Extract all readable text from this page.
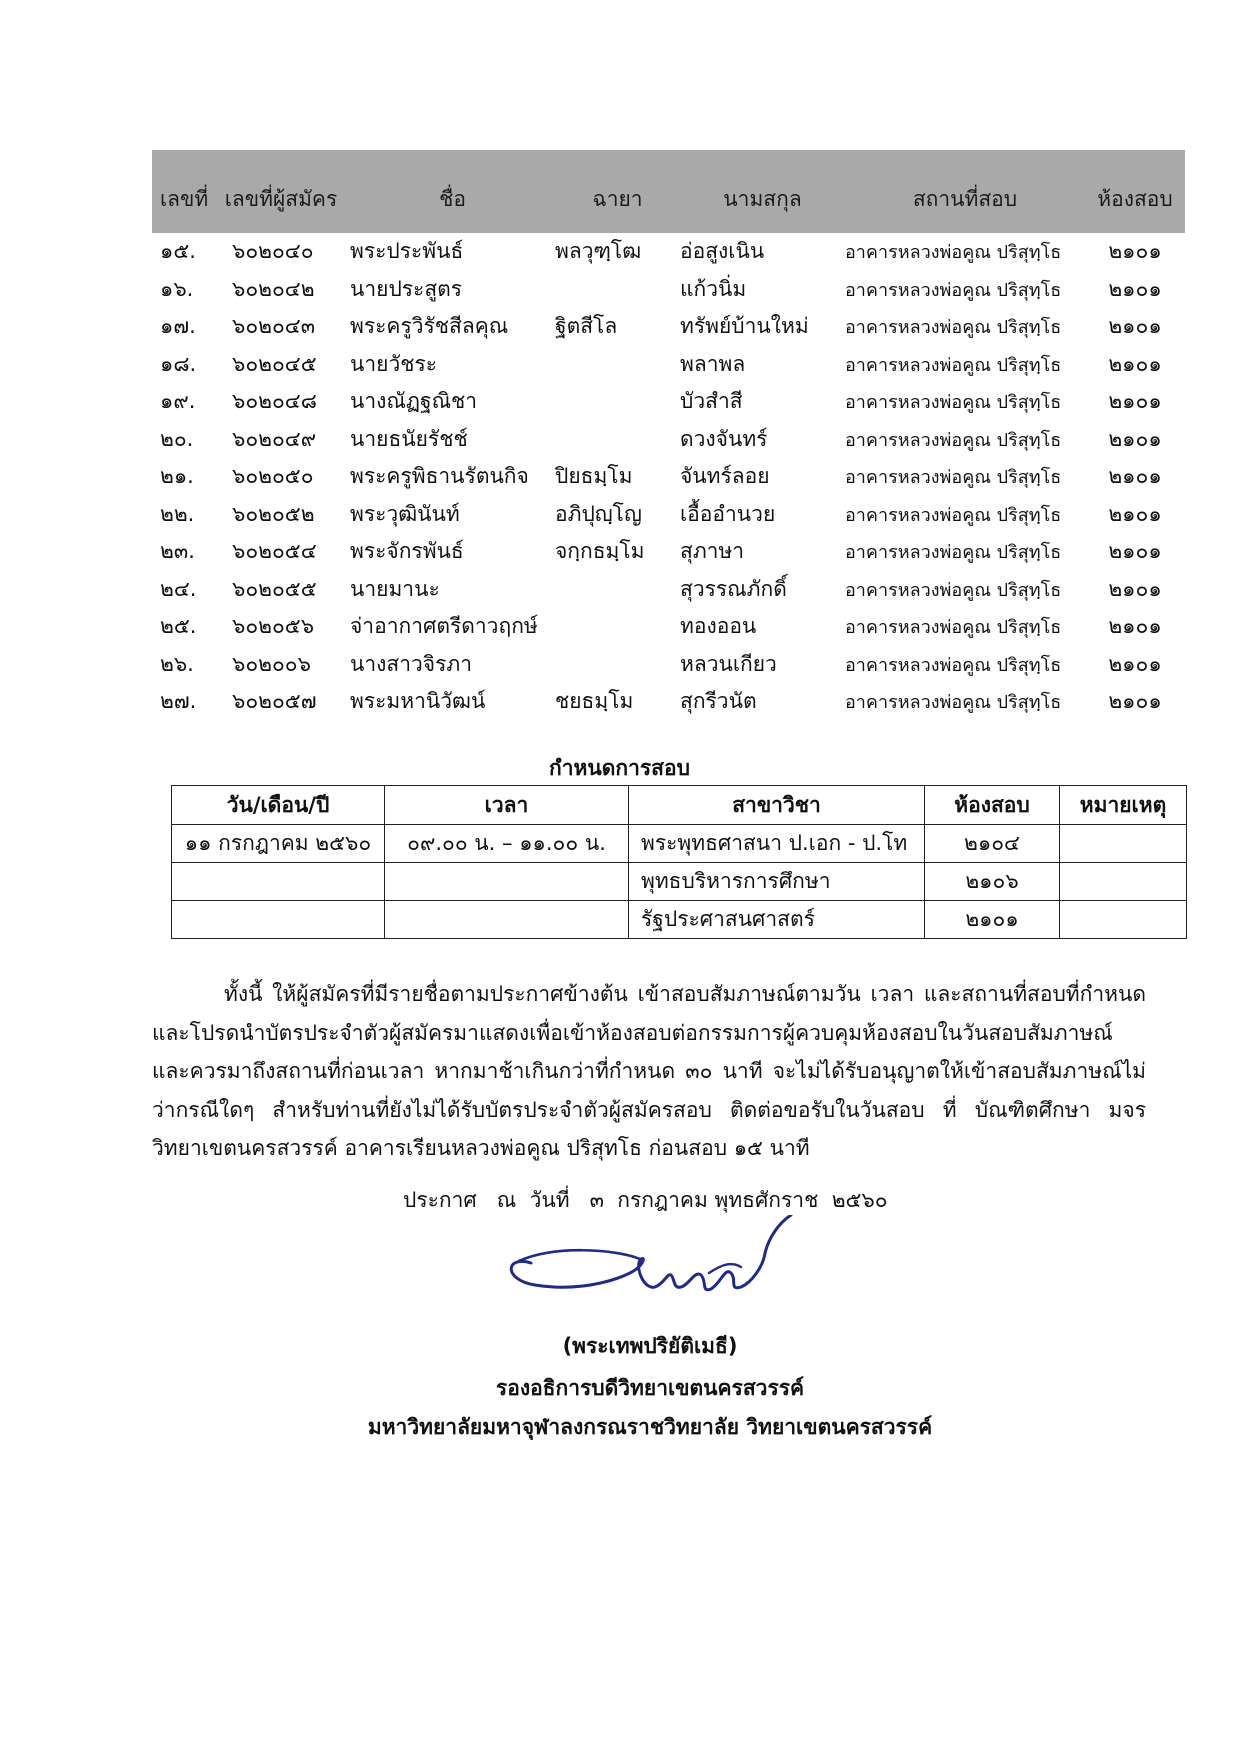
เลขที่	เลขที่ผู้สมัคร	ชื่อ	ฉายา	นามสกุล	สถานที่สอบ	ห้องสอบ
๑๕.	๖๐๒๐๔๐	พระประพันธ์	พลวุฑฺโฒ	อ่อสูงเนิน	อาคารหลวงพ่อคูณ ปริสุทฺโธ	๒๑๐๑
๑๖.	๖๐๒๐๔๒	นายประสูตร		แก้วนิ่ม	อาคารหลวงพ่อคูณ ปริสุทฺโธ	๒๑๐๑
๑๗.	๖๐๒๐๔๓	พระครูวิรัชสีลคุณ	ฐิตสีโล	ทรัพย์บ้านใหม่	อาคารหลวงพ่อคูณ ปริสุทฺโธ	๒๑๐๑
๑๘.	๖๐๒๐๔๕	นายวัชระ		พลาพล	อาคารหลวงพ่อคูณ ปริสุทฺโธ	๒๑๐๑
๑๙.	๖๐๒๐๔๘	นางณัฏฐณิชา		บัวสำสี	อาคารหลวงพ่อคูณ ปริสุทฺโธ	๒๑๐๑
๒๐.	๖๐๒๐๔๙	นายธนัยรัชช์		ดวงจันทร์	อาคารหลวงพ่อคูณ ปริสุทฺโธ	๒๑๐๑
๒๑.	๖๐๒๐๕๐	พระครูพิธานรัตนกิจ	ปิยธมฺโม	จันทร์ลอย	อาคารหลวงพ่อคูณ ปริสุทฺโธ	๒๑๐๑
๒๒.	๖๐๒๐๕๒	พระวุฒินันท์	อภิปุญฺโญ	เอื้ออำนวย	อาคารหลวงพ่อคูณ ปริสุทฺโธ	๒๑๐๑
๒๓.	๖๐๒๐๕๔	พระจักรพันธ์	จกฺกธมฺโม	สุภาษา	อาคารหลวงพ่อคูณ ปริสุทฺโธ	๒๑๐๑
๒๔.	๖๐๒๐๕๕	นายมานะ		สุวรรณภักดิ์	อาคารหลวงพ่อคูณ ปริสุทฺโธ	๒๑๐๑
๒๕.	๖๐๒๐๕๖	จ่าอากาศตรีดาวฤกษ์		ทองออน	อาคารหลวงพ่อคูณ ปริสุทฺโธ	๒๑๐๑
๒๖.	๖๐๒๐๐๖	นางสาวจิรภา		หลวนเกียว	อาคารหลวงพ่อคูณ ปริสุทฺโธ	๒๑๐๑
๒๗.	๖๐๒๐๕๗	พระมหานิวัฒน์	ชยธมฺโม	สุกรีวนัต	อาคารหลวงพ่อคูณ ปริสุทฺโธ	๒๑๐๑
กำหนดการสอบ
วัน/เดือน/ปี	เวลา	สาขาวิชา	ห้องสอบ	หมายเหตุ
๑๑ กรกฎาคม ๒๕๖๐	๐๙.๐๐ น. – ๑๑.๐๐ น.	พระพุทธศาสนา ป.เอก - ป.โท	๒๑๐๔	
		พุทธบริหารการศึกษา	๒๑๐๖	
		รัฐประศาสนศาสตร์	๒๑๐๑	

ทั้งนี้ ให้ผู้สมัครที่มีรายชื่อตามประกาศข้างต้น เข้าสอบสัมภาษณ์ตามวัน เวลา และสถานที่สอบที่กำหนด และโปรดนำบัตรประจำตัวผู้สมัครมาแสดงเพื่อเข้าห้องสอบต่อกรรมการผู้ควบคุมห้องสอบในวันสอบสัมภาษณ์ และควรมาถึงสถานที่ก่อนเวลา หากมาช้าเกินกว่าที่กำหนด ๓๐ นาที จะไม่ได้รับอนุญาตให้เข้าสอบสัมภาษณ์ไม่ว่ากรณีใดๆ สำหรับท่านที่ยังไม่ได้รับบัตรประจำตัวผู้สมัครสอบ ติดต่อขอรับในวันสอบ ที่ บัณฑิตศึกษา มจร วิทยาเขตนครสวรรค์ อาคารเรียนหลวงพ่อคูณ ปริสุทโธ ก่อนสอบ ๑๕ นาที

ประกาศ   ณ  วันที่   ๓  กรกฎาคม พุทธศักราช  ๒๕๖๐
(พระเทพปริยัติเมธี)
รองอธิการบดีวิทยาเขตนครสวรรค์
มหาวิทยาลัยมหาจุฬาลงกรณราชวิทยาลัย วิทยาเขตนครสวรรค์
